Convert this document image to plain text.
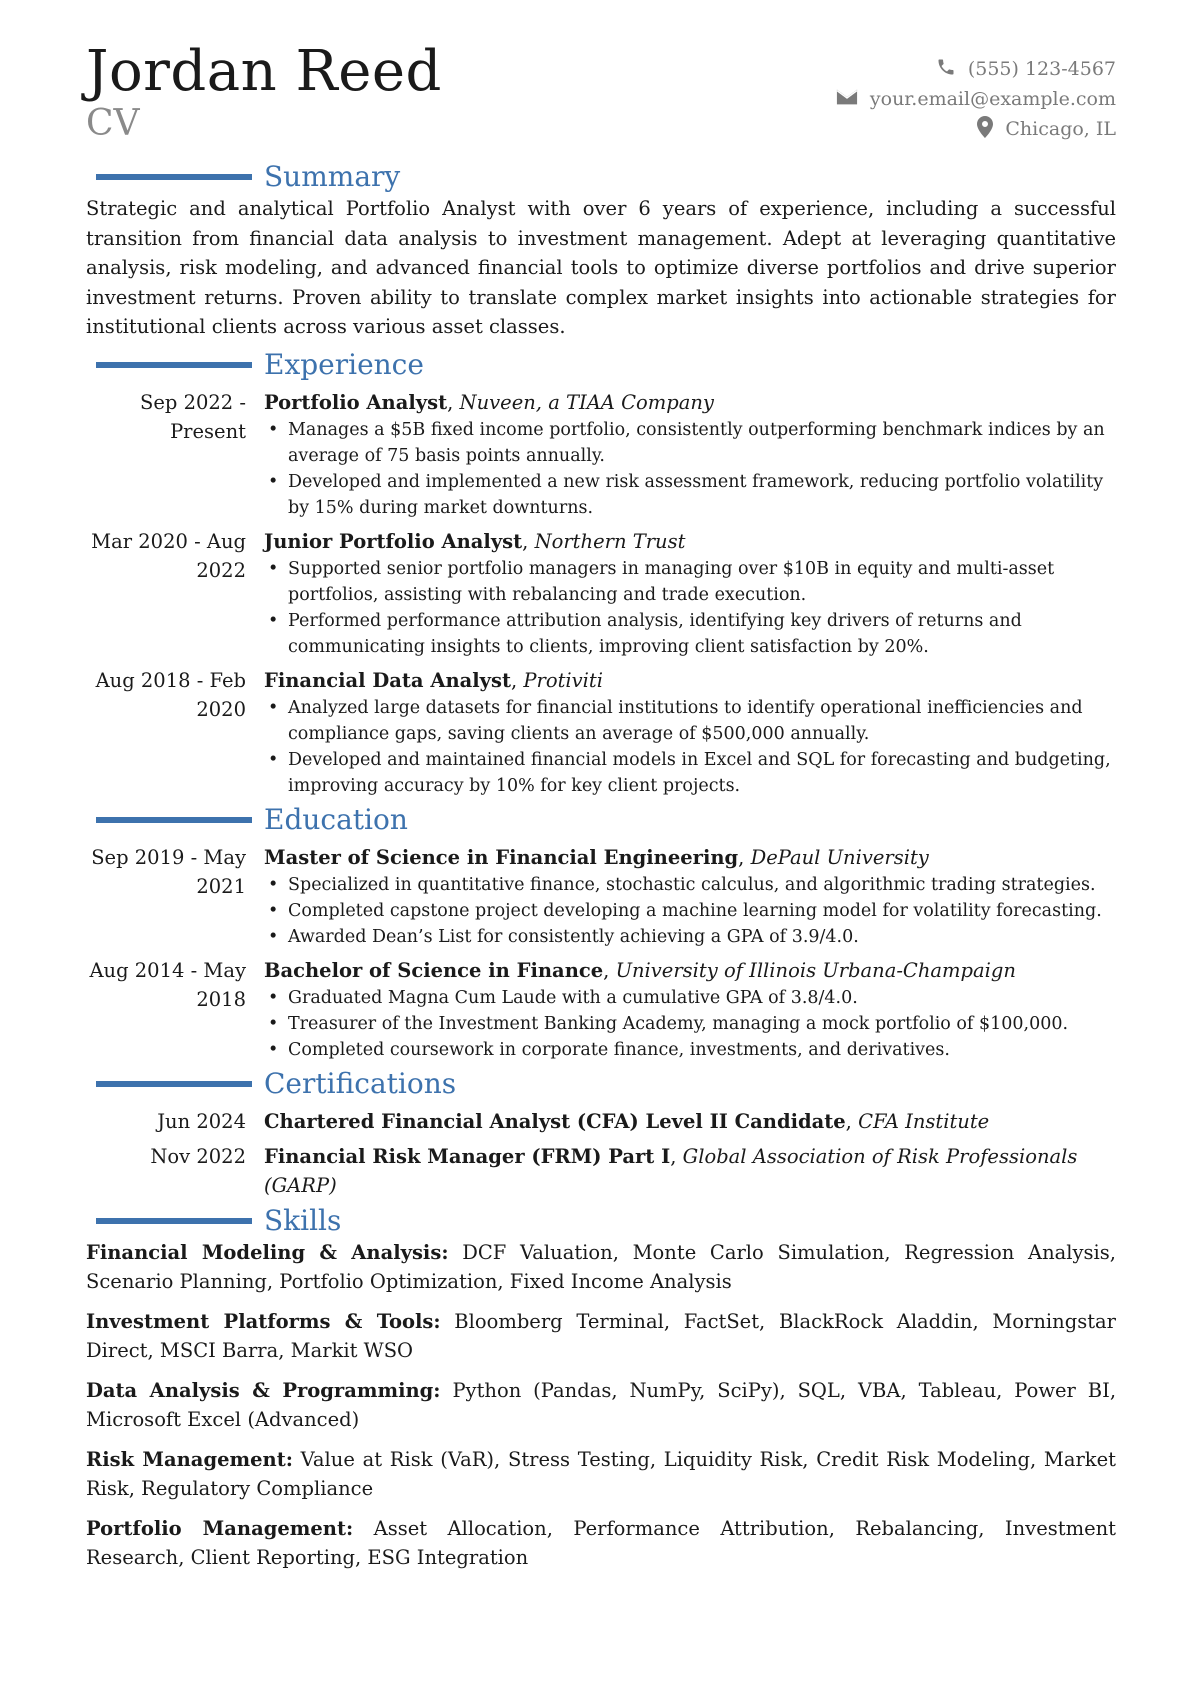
Jordan Reed
CV
(555) 123-4567
your.email@example.com
Chicago, IL
Summary

Strategic and analytical Portfolio Analyst with over 6 years of experience, including a successful transition from financial data analysis to investment management. Adept at leveraging quantitative analysis, risk modeling, and advanced financial tools to optimize diverse portfolios and drive superior investment returns. Proven ability to translate complex market insights into actionable strategies for institutional clients across various asset classes.

Experience
Sep 2022 - Present
Portfolio Analyst, Nuveen, a TIAA Company
• Manages a $5B fixed income portfolio, consistently outperforming benchmark indices by an average of 75 basis points annually.
• Developed and implemented a new risk assessment framework, reducing portfolio volatility by 15% during market downturns.
Mar 2020 - Aug 2022
Junior Portfolio Analyst, Northern Trust
• Supported senior portfolio managers in managing over $10B in equity and multi-asset portfolios, assisting with rebalancing and trade execution.
• Performed performance attribution analysis, identifying key drivers of returns and communicating insights to clients, improving client satisfaction by 20%.
Aug 2018 - Feb 2020
Financial Data Analyst, Protiviti
• Analyzed large datasets for financial institutions to identify operational inefficiencies and compliance gaps, saving clients an average of $500,000 annually.
• Developed and maintained financial models in Excel and SQL for forecasting and budgeting, improving accuracy by 10% for key client projects.
Education
Sep 2019 - May 2021
Master of Science in Financial Engineering, DePaul University
• Specialized in quantitative finance, stochastic calculus, and algorithmic trading strategies.
• Completed capstone project developing a machine learning model for volatility forecasting.
• Awarded Dean’s List for consistently achieving a GPA of 3.9/4.0.
Aug 2014 - May 2018
Bachelor of Science in Finance, University of Illinois Urbana-Champaign
• Graduated Magna Cum Laude with a cumulative GPA of 3.8/4.0.
• Treasurer of the Investment Banking Academy, managing a mock portfolio of $100,000.
• Completed coursework in corporate finance, investments, and derivatives.
Certifications
Jun 2024 Chartered Financial Analyst (CFA) Level II Candidate, CFA Institute
Nov 2022 Financial Risk Manager (FRM) Part I, Global Association of Risk Professionals (GARP)
Skills

Financial Modeling & Analysis: DCF Valuation, Monte Carlo Simulation, Regression Analysis, Scenario Planning, Portfolio Optimization, Fixed Income Analysis

Investment Platforms & Tools: Bloomberg Terminal, FactSet, BlackRock Aladdin, Morningstar Direct, MSCI Barra, Markit WSO

Data Analysis & Programming: Python (Pandas, NumPy, SciPy), SQL, VBA, Tableau, Power BI, Microsoft Excel (Advanced)

Risk Management: Value at Risk (VaR), Stress Testing, Liquidity Risk, Credit Risk Modeling, Market Risk, Regulatory Compliance

Portfolio Management: Asset Allocation, Performance Attribution, Rebalancing, Investment Research, Client Reporting, ESG Integration
